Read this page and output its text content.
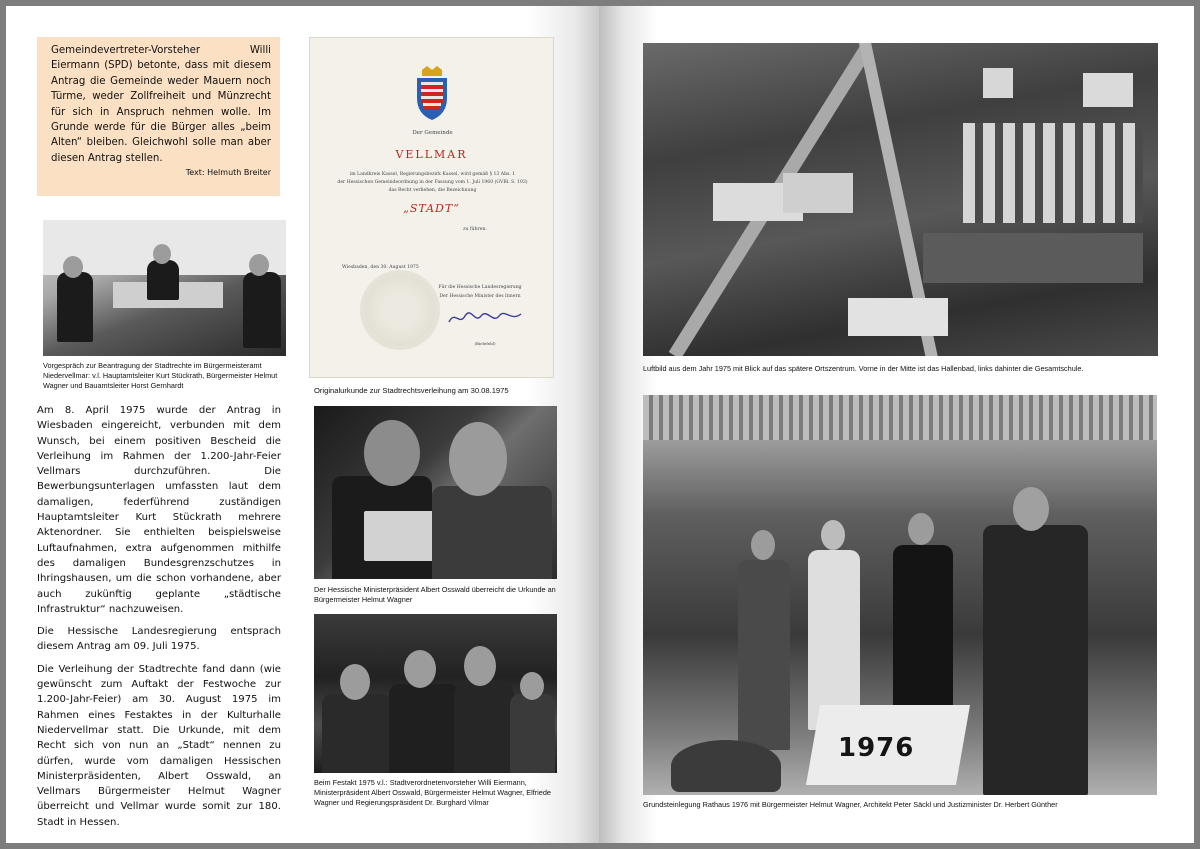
Gemeindevertreter-Vorsteher Willi Eiermann (SPD) betonte, dass mit diesem Antrag die Gemeinde weder Mauern noch Türme, weder Zollfreiheit und Münzrecht für sich in Anspruch nehmen wolle. Im Grunde werde für die Bürger alles „beim Alten“ bleiben. Gleichwohl solle man aber diesen Antrag stellen.
Text: Helmuth Breiter
Vorgespräch zur Beantragung der Stadtrechte im Bürgermeisteramt Niedervellmar: v.l. Hauptamtsleiter Kurt Stückrath, Bürgermeister Helmut Wagner und Bauamtsleiter Horst Gernhardt

Am 8. April 1975 wurde der Antrag in Wiesbaden eingereicht, verbunden mit dem Wunsch, bei einem positiven Bescheid die Verleihung im Rahmen der 1.200-Jahr-Feier Vellmars durchzuführen. Die Bewerbungsunterlagen umfassten laut dem damaligen, federführend zuständigen Hauptamtsleiter Kurt Stückrath mehrere Aktenordner. Sie enthielten beispielsweise Luftaufnahmen, extra aufgenommen mithilfe des damaligen Bundesgrenzschutzes in Ihringshausen, um die schon vorhandene, aber auch zukünftig geplante „städtische Infrastruktur“ nachzuweisen.

Die Hessische Landesregierung entsprach diesem Antrag am 09. Juli 1975.

Die Verleihung der Stadtrechte fand dann (wie gewünscht zum Auftakt der Festwoche zur 1.200-Jahr-Feier) am 30. August 1975 im Rahmen eines Festaktes in der Kulturhalle Niedervellmar statt. Die Urkunde, mit dem Recht sich von nun an „Stadt“ nennen zu dürfen, wurde vom damaligen Hessischen Ministerpräsidenten, Albert Osswald, an Vellmars Bürgermeister Helmut Wagner überreicht und Vellmar wurde somit zur 180. Stadt in Hessen.

Der Gemeinde
VELLMAR
im Landkreis Kassel, Regierungsbezirk Kassel, wird gemäß § 13 Abs. 1
der Hessischen Gemeindeordnung in der Fassung vom 1. Juli 1960 (GVBl. S. 103)
das Recht verliehen, die Bezeichnung
„STADT“
zu führen.
Wiesbaden, den 30. August 1975
Für die Hessische Landesregierung
Der Hessische Minister des Innern
(Bielefeld)
Originalurkunde zur Stadtrechtsverleihung am 30.08.1975
Der Hessische Ministerpräsident Albert Osswald überreicht die Urkunde an Bürgermeister Helmut Wagner
Beim Festakt 1975 v.l.: Stadtverordnetenvorsteher Willi Eiermann, Ministerpräsident Albert Osswald, Bürgermeister Helmut Wagner, Elfriede Wagner und Regierungspräsident Dr. Burghard Vilmar
Luftbild aus dem Jahr 1975 mit Blick auf das spätere Ortszentrum. Vorne in der Mitte ist das Hallenbad, links dahinter die Gesamtschule.
1976
Grundsteinlegung Rathaus 1976 mit Bürgermeister Helmut Wagner, Architekt Peter Säckl und Justizminister Dr. Herbert Günther
